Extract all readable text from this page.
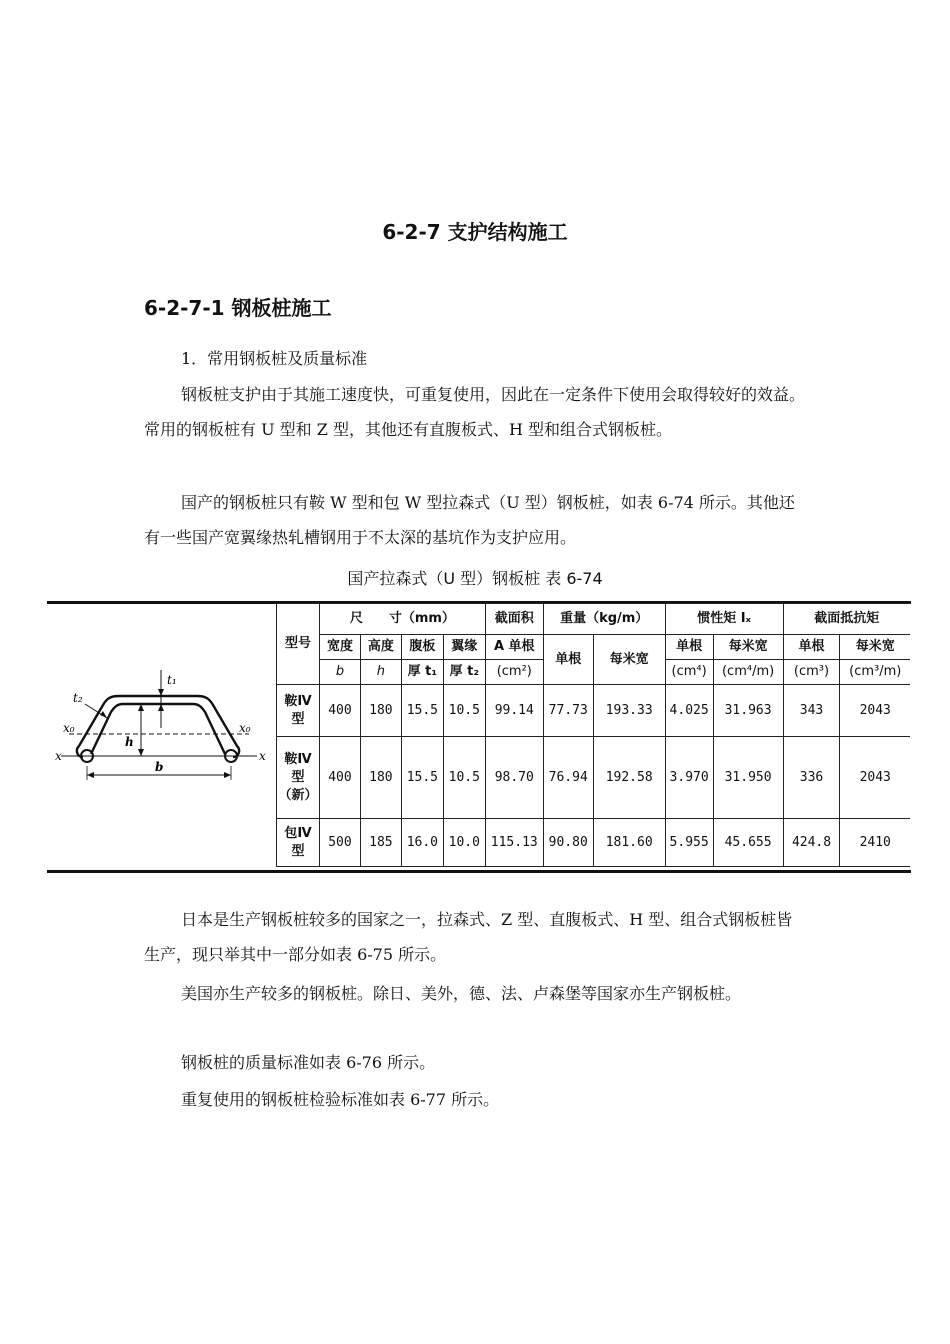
6-2-7 支护结构施工
6-2-7-1 钢板桩施工
1．常用钢板桩及质量标准
钢板桩支护由于其施工速度快，可重复使用，因此在一定条件下使用会取得较好的效益。常用的钢板桩有 U 型和 Z 型，其他还有直腹板式、H 型和组合式钢板桩。
国产的钢板桩只有鞍 W 型和包 W 型拉森式（U 型）钢板桩，如表 6-74 所示。其他还有一些国产宽翼缘热轧槽钢用于不太深的基坑作为支护应用。
国产拉森式（U 型）钢板桩 表 6-74
t₁
t₂
x₀	x₀
x	x
h
b
型号	尺　　寸（mm）				截面积	重量（kg/m）		惯性矩 Iₓ		截面抵抗矩	
	宽度	高度	腹板	翼缘	A 单根	单根	每米宽	单根	每米宽	单根	每米宽
	b	h	厚 t₁	厚 t₂	(cm²)			(cm⁴)	(cm⁴/m)	(cm³)	(cm³/m)
鞍Ⅳ
型	400	180	15.5	10.5	99.14	77.73	193.33	4.025	31.963	343	2043
鞍Ⅳ
型
（新）	400	180	15.5	10.5	98.70	76.94	192.58	3.970	31.950	336	2043
包Ⅳ
型	500	185	16.0	10.0	115.13	90.80	181.60	5.955	45.655	424.8	2410
日本是生产钢板桩较多的国家之一，拉森式、Z 型、直腹板式、H 型、组合式钢板桩皆生产，现只举其中一部分如表 6-75 所示。
美国亦生产较多的钢板桩。除日、美外，德、法、卢森堡等国家亦生产钢板桩。
钢板桩的质量标准如表 6-76 所示。
重复使用的钢板桩检验标准如表 6-77 所示。
